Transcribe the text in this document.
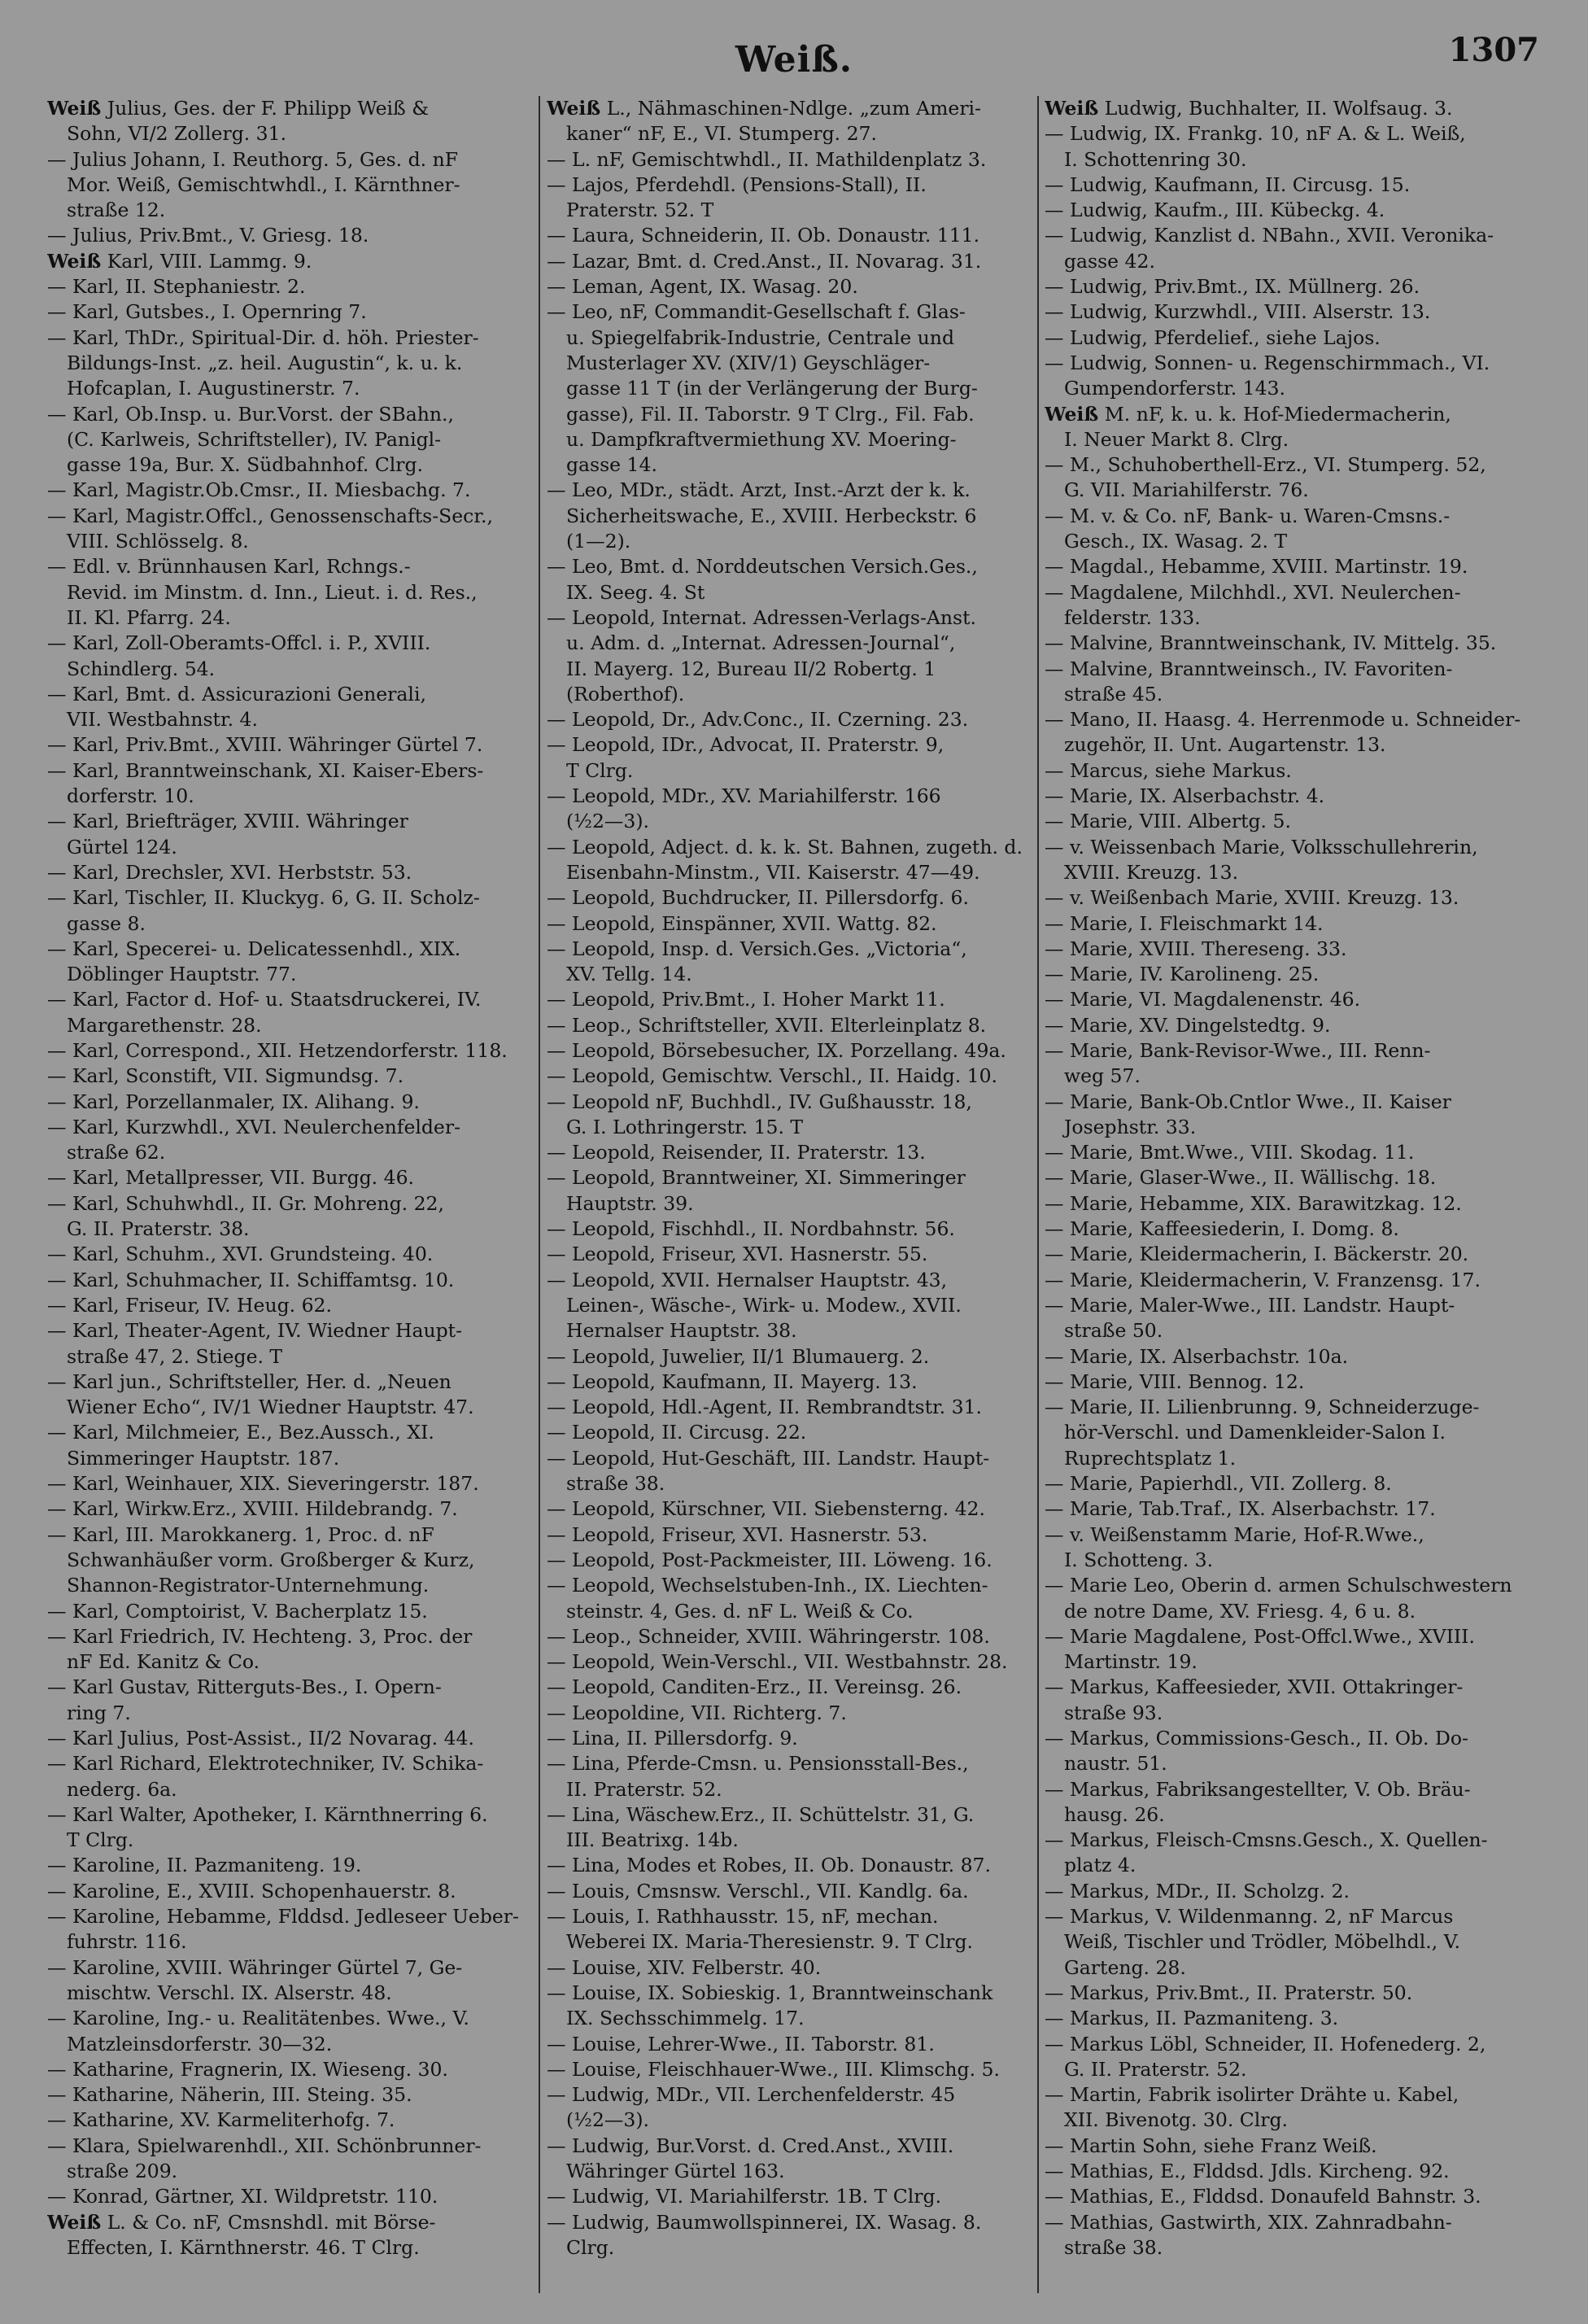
Weiß.	1307
Weiß Julius, Ges. der F. Philipp Weiß &
Sohn, VI/2 Zollerg. 31.
— Julius Johann, I. Reuthorg. 5, Ges. d. nF
Mor. Weiß, Gemischtwhdl., I. Kärnthner-
straße 12.
— Julius, Priv.Bmt., V. Griesg. 18.
Weiß Karl, VIII. Lammg. 9.
— Karl, II. Stephaniestr. 2.
— Karl, Gutsbes., I. Opernring 7.
— Karl, ThDr., Spiritual-Dir. d. höh. Priester-
Bildungs-Inst. „z. heil. Augustin“, k. u. k.
Hofcaplan, I. Augustinerstr. 7.
— Karl, Ob.Insp. u. Bur.Vorst. der SBahn.,
(C. Karlweis, Schriftsteller), IV. Panigl-
gasse 19a, Bur. X. Südbahnhof. Clrg.
— Karl, Magistr.Ob.Cmsr., II. Miesbachg. 7.
— Karl, Magistr.Offcl., Genossenschafts-Secr.,
VIII. Schlösselg. 8.
— Edl. v. Brünnhausen Karl, Rchngs.-
Revid. im Minstm. d. Inn., Lieut. i. d. Res.,
II. Kl. Pfarrg. 24.
— Karl, Zoll-Oberamts-Offcl. i. P., XVIII.
Schindlerg. 54.
— Karl, Bmt. d. Assicurazioni Generali,
VII. Westbahnstr. 4.
— Karl, Priv.Bmt., XVIII. Währinger Gürtel 7.
— Karl, Branntweinschank, XI. Kaiser-Ebers-
dorferstr. 10.
— Karl, Briefträger, XVIII. Währinger
Gürtel 124.
— Karl, Drechsler, XVI. Herbststr. 53.
— Karl, Tischler, II. Kluckyg. 6, G. II. Scholz-
gasse 8.
— Karl, Specerei- u. Delicatessenhdl., XIX.
Döblinger Hauptstr. 77.
— Karl, Factor d. Hof- u. Staatsdruckerei, IV.
Margarethenstr. 28.
— Karl, Correspond., XII. Hetzendorferstr. 118.
— Karl, Sconstift, VII. Sigmundsg. 7.
— Karl, Porzellanmaler, IX. Alihang. 9.
— Karl, Kurzwhdl., XVI. Neulerchenfelder-
straße 62.
— Karl, Metallpresser, VII. Burgg. 46.
— Karl, Schuhwhdl., II. Gr. Mohreng. 22,
G. II. Praterstr. 38.
— Karl, Schuhm., XVI. Grundsteing. 40.
— Karl, Schuhmacher, II. Schiffamtsg. 10.
— Karl, Friseur, IV. Heug. 62.
— Karl, Theater-Agent, IV. Wiedner Haupt-
straße 47, 2. Stiege. T
— Karl jun., Schriftsteller, Her. d. „Neuen
Wiener Echo“, IV/1 Wiedner Hauptstr. 47.
— Karl, Milchmeier, E., Bez.Aussch., XI.
Simmeringer Hauptstr. 187.
— Karl, Weinhauer, XIX. Sieveringerstr. 187.
— Karl, Wirkw.Erz., XVIII. Hildebrandg. 7.
— Karl, III. Marokkanerg. 1, Proc. d. nF
Schwanhäußer vorm. Großberger & Kurz,
Shannon-Registrator-Unternehmung.
— Karl, Comptoirist, V. Bacherplatz 15.
— Karl Friedrich, IV. Hechteng. 3, Proc. der
nF Ed. Kanitz & Co.
— Karl Gustav, Ritterguts-Bes., I. Opern-
ring 7.
— Karl Julius, Post-Assist., II/2 Novarag. 44.
— Karl Richard, Elektrotechniker, IV. Schika-
nederg. 6a.
— Karl Walter, Apotheker, I. Kärnthnerring 6.
T Clrg.
— Karoline, II. Pazmaniteng. 19.
— Karoline, E., XVIII. Schopenhauerstr. 8.
— Karoline, Hebamme, Flddsd. Jedleseer Ueber-
fuhrstr. 116.
— Karoline, XVIII. Währinger Gürtel 7, Ge-
mischtw. Verschl. IX. Alserstr. 48.
— Karoline, Ing.- u. Realitätenbes. Wwe., V.
Matzleinsdorferstr. 30—32.
— Katharine, Fragnerin, IX. Wieseng. 30.
— Katharine, Näherin, III. Steing. 35.
— Katharine, XV. Karmeliterhofg. 7.
— Klara, Spielwarenhdl., XII. Schönbrunner-
straße 209.
— Konrad, Gärtner, XI. Wildpretstr. 110.
Weiß L. & Co. nF, Cmsnshdl. mit Börse-
Effecten, I. Kärnthnerstr. 46. T Clrg.
Weiß L., Nähmaschinen-Ndlge. „zum Ameri-
kaner“ nF, E., VI. Stumperg. 27.
— L. nF, Gemischtwhdl., II. Mathildenplatz 3.
— Lajos, Pferdehdl. (Pensions-Stall), II.
Praterstr. 52. T
— Laura, Schneiderin, II. Ob. Donaustr. 111.
— Lazar, Bmt. d. Cred.Anst., II. Novarag. 31.
— Leman, Agent, IX. Wasag. 20.
— Leo, nF, Commandit-Gesellschaft f. Glas-
u. Spiegelfabrik-Industrie, Centrale und
Musterlager XV. (XIV/1) Geyschläger-
gasse 11 T (in der Verlängerung der Burg-
gasse), Fil. II. Taborstr. 9 T Clrg., Fil. Fab.
u. Dampfkraftvermiethung XV. Moering-
gasse 14.
— Leo, MDr., städt. Arzt, Inst.-Arzt der k. k.
Sicherheitswache, E., XVIII. Herbeckstr. 6
(1—2).
— Leo, Bmt. d. Norddeutschen Versich.Ges.,
IX. Seeg. 4. St
— Leopold, Internat. Adressen-Verlags-Anst.
u. Adm. d. „Internat. Adressen-Journal“,
II. Mayerg. 12, Bureau II/2 Robertg. 1
(Roberthof).
— Leopold, Dr., Adv.Conc., II. Czerning. 23.
— Leopold, IDr., Advocat, II. Praterstr. 9,
T Clrg.
— Leopold, MDr., XV. Mariahilferstr. 166
(½2—3).
— Leopold, Adject. d. k. k. St. Bahnen, zugeth. d.
Eisenbahn-Minstm., VII. Kaiserstr. 47—49.
— Leopold, Buchdrucker, II. Pillersdorfg. 6.
— Leopold, Einspänner, XVII. Wattg. 82.
— Leopold, Insp. d. Versich.Ges. „Victoria“,
XV. Tellg. 14.
— Leopold, Priv.Bmt., I. Hoher Markt 11.
— Leop., Schriftsteller, XVII. Elterleinplatz 8.
— Leopold, Börsebesucher, IX. Porzellang. 49a.
— Leopold, Gemischtw. Verschl., II. Haidg. 10.
— Leopold nF, Buchhdl., IV. Gußhausstr. 18,
G. I. Lothringerstr. 15. T
— Leopold, Reisender, II. Praterstr. 13.
— Leopold, Branntweiner, XI. Simmeringer
Hauptstr. 39.
— Leopold, Fischhdl., II. Nordbahnstr. 56.
— Leopold, Friseur, XVI. Hasnerstr. 55.
— Leopold, XVII. Hernalser Hauptstr. 43,
Leinen-, Wäsche-, Wirk- u. Modew., XVII.
Hernalser Hauptstr. 38.
— Leopold, Juwelier, II/1 Blumauerg. 2.
— Leopold, Kaufmann, II. Mayerg. 13.
— Leopold, Hdl.-Agent, II. Rembrandtstr. 31.
— Leopold, II. Circusg. 22.
— Leopold, Hut-Geschäft, III. Landstr. Haupt-
straße 38.
— Leopold, Kürschner, VII. Siebensterng. 42.
— Leopold, Friseur, XVI. Hasnerstr. 53.
— Leopold, Post-Packmeister, III. Löweng. 16.
— Leopold, Wechselstuben-Inh., IX. Liechten-
steinstr. 4, Ges. d. nF L. Weiß & Co.
— Leop., Schneider, XVIII. Währingerstr. 108.
— Leopold, Wein-Verschl., VII. Westbahnstr. 28.
— Leopold, Canditen-Erz., II. Vereinsg. 26.
— Leopoldine, VII. Richterg. 7.
— Lina, II. Pillersdorfg. 9.
— Lina, Pferde-Cmsn. u. Pensionsstall-Bes.,
II. Praterstr. 52.
— Lina, Wäschew.Erz., II. Schüttelstr. 31, G.
III. Beatrixg. 14b.
— Lina, Modes et Robes, II. Ob. Donaustr. 87.
— Louis, Cmsnsw. Verschl., VII. Kandlg. 6a.
— Louis, I. Rathhausstr. 15, nF, mechan.
Weberei IX. Maria-Theresienstr. 9. T Clrg.
— Louise, XIV. Felberstr. 40.
— Louise, IX. Sobieskig. 1, Branntweinschank
IX. Sechsschimmelg. 17.
— Louise, Lehrer-Wwe., II. Taborstr. 81.
— Louise, Fleischhauer-Wwe., III. Klimschg. 5.
— Ludwig, MDr., VII. Lerchenfelderstr. 45
(½2—3).
— Ludwig, Bur.Vorst. d. Cred.Anst., XVIII.
Währinger Gürtel 163.
— Ludwig, VI. Mariahilferstr. 1B. T Clrg.
— Ludwig, Baumwollspinnerei, IX. Wasag. 8.
Clrg.
Weiß Ludwig, Buchhalter, II. Wolfsaug. 3.
— Ludwig, IX. Frankg. 10, nF A. & L. Weiß,
I. Schottenring 30.
— Ludwig, Kaufmann, II. Circusg. 15.
— Ludwig, Kaufm., III. Kübeckg. 4.
— Ludwig, Kanzlist d. NBahn., XVII. Veronika-
gasse 42.
— Ludwig, Priv.Bmt., IX. Müllnerg. 26.
— Ludwig, Kurzwhdl., VIII. Alserstr. 13.
— Ludwig, Pferdelief., siehe Lajos.
— Ludwig, Sonnen- u. Regenschirmmach., VI.
Gumpendorferstr. 143.
Weiß M. nF, k. u. k. Hof-Miedermacherin,
I. Neuer Markt 8. Clrg.
— M., Schuhoberthell-Erz., VI. Stumperg. 52,
G. VII. Mariahilferstr. 76.
— M. v. & Co. nF, Bank- u. Waren-Cmsns.-
Gesch., IX. Wasag. 2. T
— Magdal., Hebamme, XVIII. Martinstr. 19.
— Magdalene, Milchhdl., XVI. Neulerchen-
felderstr. 133.
— Malvine, Branntweinschank, IV. Mittelg. 35.
— Malvine, Branntweinsch., IV. Favoriten-
straße 45.
— Mano, II. Haasg. 4. Herrenmode u. Schneider-
zugehör, II. Unt. Augartenstr. 13.
— Marcus, siehe Markus.
— Marie, IX. Alserbachstr. 4.
— Marie, VIII. Albertg. 5.
— v. Weissenbach Marie, Volksschullehrerin,
XVIII. Kreuzg. 13.
— v. Weißenbach Marie, XVIII. Kreuzg. 13.
— Marie, I. Fleischmarkt 14.
— Marie, XVIII. Thereseng. 33.
— Marie, IV. Karolineng. 25.
— Marie, VI. Magdalenenstr. 46.
— Marie, XV. Dingelstedtg. 9.
— Marie, Bank-Revisor-Wwe., III. Renn-
weg 57.
— Marie, Bank-Ob.Cntlor Wwe., II. Kaiser
Josephstr. 33.
— Marie, Bmt.Wwe., VIII. Skodag. 11.
— Marie, Glaser-Wwe., II. Wällischg. 18.
— Marie, Hebamme, XIX. Barawitzkag. 12.
— Marie, Kaffeesiederin, I. Domg. 8.
— Marie, Kleidermacherin, I. Bäckerstr. 20.
— Marie, Kleidermacherin, V. Franzensg. 17.
— Marie, Maler-Wwe., III. Landstr. Haupt-
straße 50.
— Marie, IX. Alserbachstr. 10a.
— Marie, VIII. Bennog. 12.
— Marie, II. Lilienbrunng. 9, Schneiderzuge-
hör-Verschl. und Damenkleider-Salon I.
Ruprechtsplatz 1.
— Marie, Papierhdl., VII. Zollerg. 8.
— Marie, Tab.Traf., IX. Alserbachstr. 17.
— v. Weißenstamm Marie, Hof-R.Wwe.,
I. Schotteng. 3.
— Marie Leo, Oberin d. armen Schulschwestern
de notre Dame, XV. Friesg. 4, 6 u. 8.
— Marie Magdalene, Post-Offcl.Wwe., XVIII.
Martinstr. 19.
— Markus, Kaffeesieder, XVII. Ottakringer-
straße 93.
— Markus, Commissions-Gesch., II. Ob. Do-
naustr. 51.
— Markus, Fabriksangestellter, V. Ob. Bräu-
hausg. 26.
— Markus, Fleisch-Cmsns.Gesch., X. Quellen-
platz 4.
— Markus, MDr., II. Scholzg. 2.
— Markus, V. Wildenmanng. 2, nF Marcus
Weiß, Tischler und Trödler, Möbelhdl., V.
Garteng. 28.
— Markus, Priv.Bmt., II. Praterstr. 50.
— Markus, II. Pazmaniteng. 3.
— Markus Löbl, Schneider, II. Hofenederg. 2,
G. II. Praterstr. 52.
— Martin, Fabrik isolirter Drähte u. Kabel,
XII. Bivenotg. 30. Clrg.
— Martin Sohn, siehe Franz Weiß.
— Mathias, E., Flddsd. Jdls. Kircheng. 92.
— Mathias, E., Flddsd. Donaufeld Bahnstr. 3.
— Mathias, Gastwirth, XIX. Zahnradbahn-
straße 38.
